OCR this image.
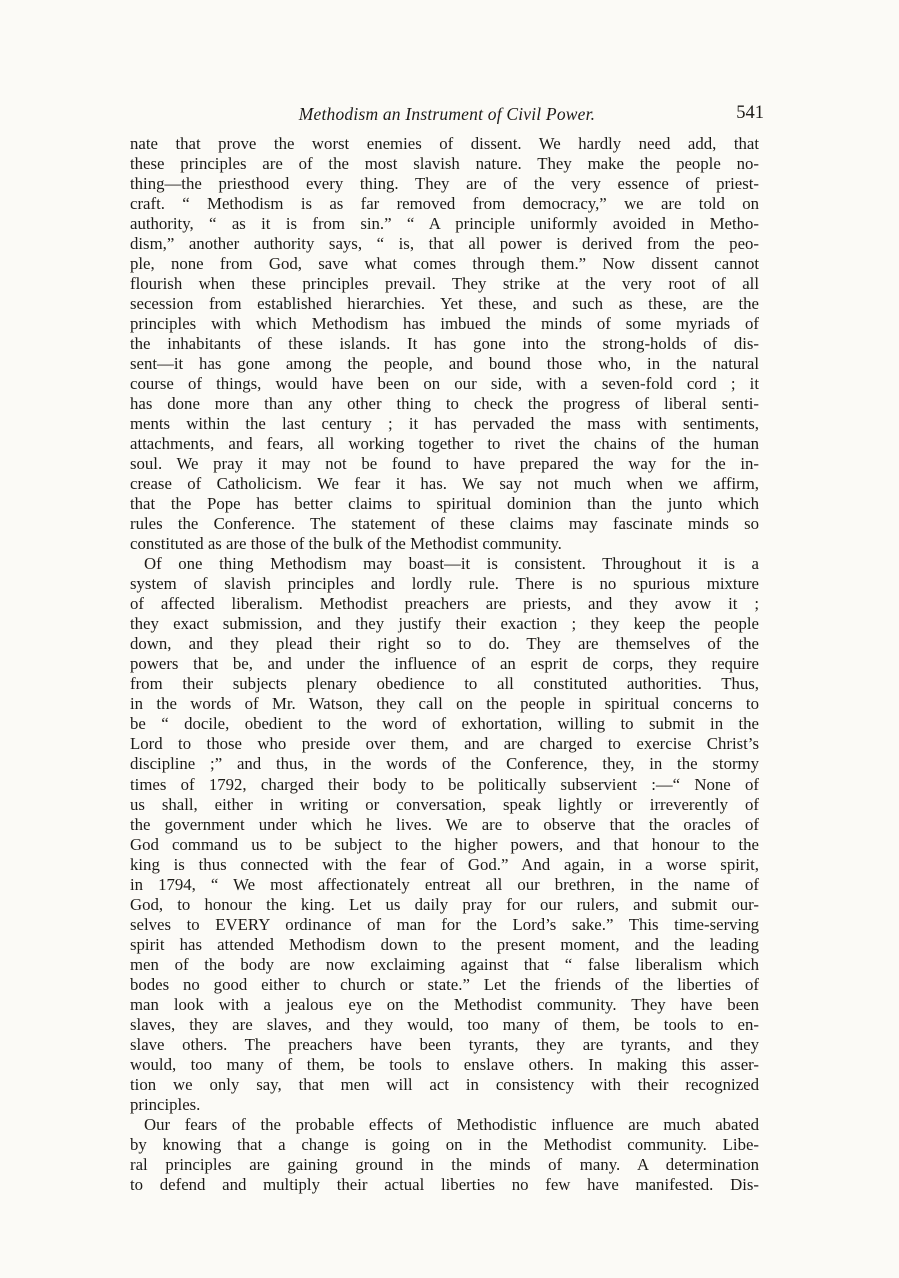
Methodism an Instrument of Civil Power.	541
nate that prove the worst enemies of dissent. We hardly need add, that
these principles are of the most slavish nature. They make the people no-
thing—the priesthood every thing. They are of the very essence of priest-
craft. “ Methodism is as far removed from democracy,” we are told on
authority, “ as it is from sin.” “ A principle uniformly avoided in Metho-
dism,” another authority says, “ is, that all power is derived from the peo-
ple, none from God, save what comes through them.” Now dissent cannot
flourish when these principles prevail. They strike at the very root of all
secession from established hierarchies. Yet these, and such as these, are the
principles with which Methodism has imbued the minds of some myriads of
the inhabitants of these islands. It has gone into the strong-holds of dis-
sent—it has gone among the people, and bound those who, in the natural
course of things, would have been on our side, with a seven-fold cord ; it
has done more than any other thing to check the progress of liberal senti-
ments within the last century ; it has pervaded the mass with sentiments,
attachments, and fears, all working together to rivet the chains of the human
soul. We pray it may not be found to have prepared the way for the in-
crease of Catholicism. We fear it has. We say not much when we affirm,
that the Pope has better claims to spiritual dominion than the junto which
rules the Conference. The statement of these claims may fascinate minds so
constituted as are those of the bulk of the Methodist community.
Of one thing Methodism may boast—it is consistent. Throughout it is a
system of slavish principles and lordly rule. There is no spurious mixture
of affected liberalism. Methodist preachers are priests, and they avow it ;
they exact submission, and they justify their exaction ; they keep the people
down, and they plead their right so to do. They are themselves of the
powers that be, and under the influence of an esprit de corps, they require
from their subjects plenary obedience to all constituted authorities. Thus,
in the words of Mr. Watson, they call on the people in spiritual concerns to
be “ docile, obedient to the word of exhortation, willing to submit in the
Lord to those who preside over them, and are charged to exercise Christ’s
discipline ;” and thus, in the words of the Conference, they, in the stormy
times of 1792, charged their body to be politically subservient :—“ None of
us shall, either in writing or conversation, speak lightly or irreverently of
the government under which he lives. We are to observe that the oracles of
God command us to be subject to the higher powers, and that honour to the
king is thus connected with the fear of God.” And again, in a worse spirit,
in 1794, “ We most affectionately entreat all our brethren, in the name of
God, to honour the king. Let us daily pray for our rulers, and submit our-
selves to EVERY ordinance of man for the Lord’s sake.” This time-serving
spirit has attended Methodism down to the present moment, and the leading
men of the body are now exclaiming against that “ false liberalism which
bodes no good either to church or state.” Let the friends of the liberties of
man look with a jealous eye on the Methodist community. They have been
slaves, they are slaves, and they would, too many of them, be tools to en-
slave others. The preachers have been tyrants, they are tyrants, and they
would, too many of them, be tools to enslave others. In making this asser-
tion we only say, that men will act in consistency with their recognized
principles.
Our fears of the probable effects of Methodistic influence are much abated
by knowing that a change is going on in the Methodist community. Libe-
ral principles are gaining ground in the minds of many. A determination
to defend and multiply their actual liberties no few have manifested. Dis-
